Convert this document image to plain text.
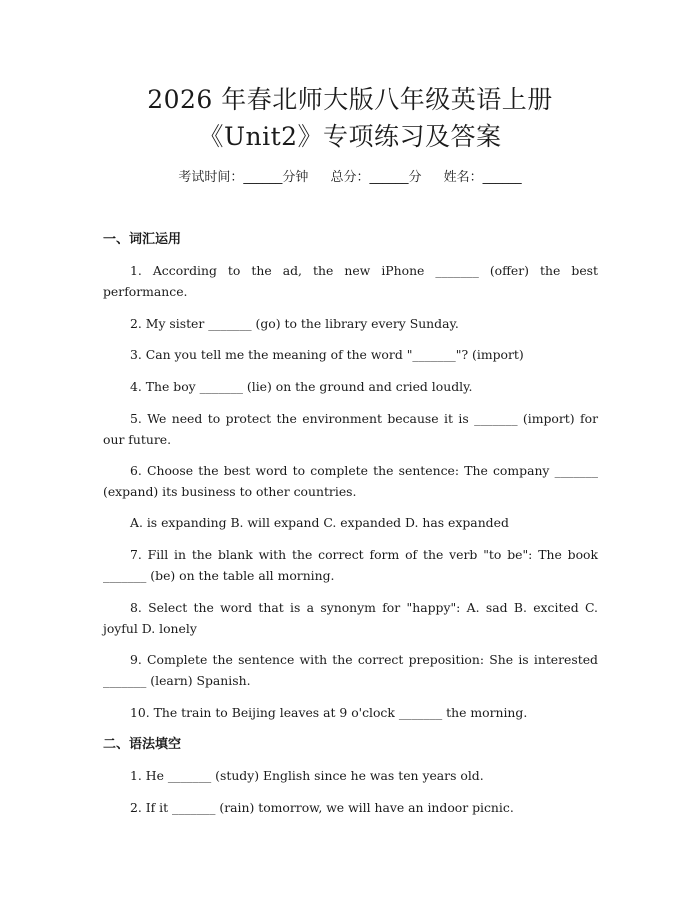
2026 年春北师大版八年级英语上册
《Unit2》专项练习及答案
考试时间：______分钟 总分：______分 姓名：______
一、词汇运用
1. According to the ad, the new iPhone _______ (offer) the best performance.
2. My sister _______ (go) to the library every Sunday.
3. Can you tell me the meaning of the word "_______"? (import)
4. The boy _______ (lie) on the ground and cried loudly.
5. We need to protect the environment because it is _______ (import) for our future.
6. Choose the best word to complete the sentence: The company _______ (expand) its business to other countries.
A. is expanding B. will expand C. expanded D. has expanded
7. Fill in the blank with the correct form of the verb "to be": The book _______ (be) on the table all morning.
8. Select the word that is a synonym for "happy": A. sad B. excited C. joyful D. lonely
9. Complete the sentence with the correct preposition: She is interested _______ (learn) Spanish.
10. The train to Beijing leaves at 9 o'clock _______ the morning.
二、语法填空
1. He _______ (study) English since he was ten years old.
2. If it _______ (rain) tomorrow, we will have an indoor picnic.
